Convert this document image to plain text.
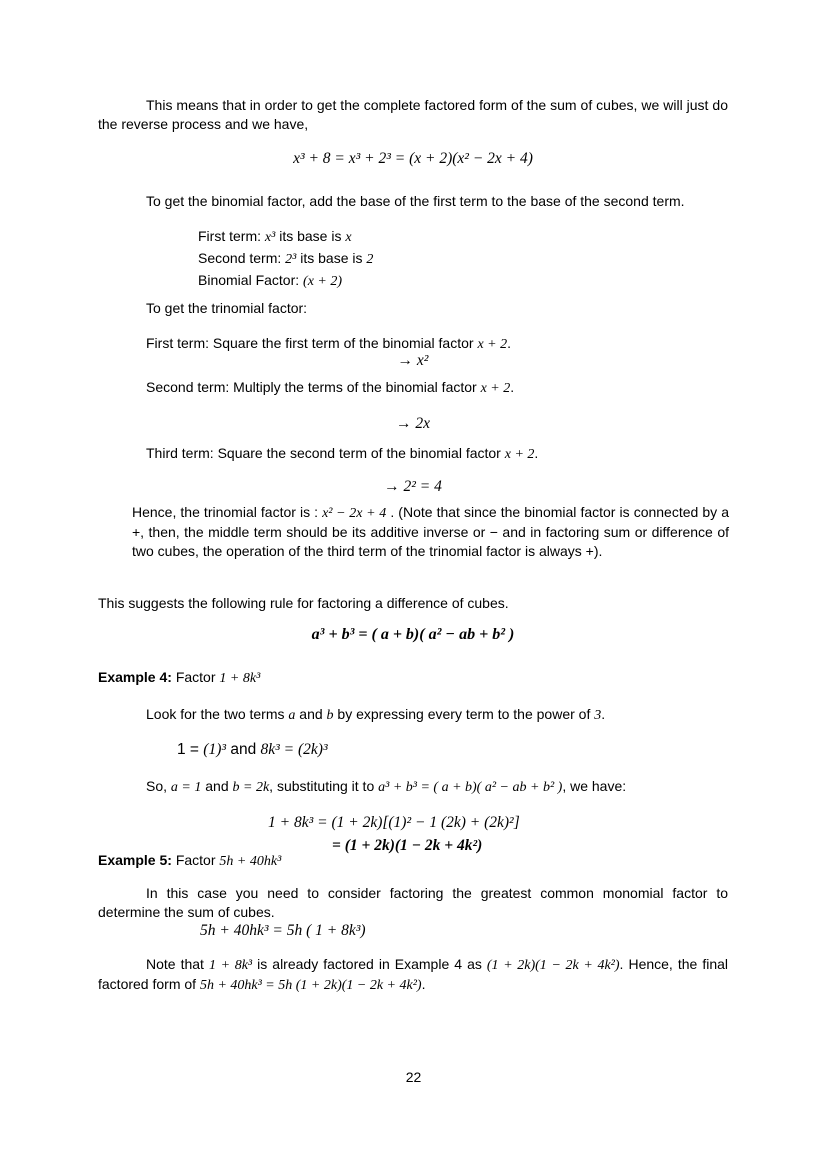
This means that in order to get the complete factored form of the sum of cubes, we will just do the reverse process and we have,
x³ + 8 = x³ + 2³ = (x + 2)(x² − 2x + 4)
To get the binomial factor, add the base of the first term to the base of the second term.
First term: x³ its base is x
Second term: 2³ its base is 2
Binomial Factor: (x + 2)
To get the trinomial factor:
First term: Square the first term of the binomial factor x + 2.
→ x²
Second term: Multiply the terms of the binomial factor x + 2.
→ 2x
Third term: Square the second term of the binomial factor x + 2.
→ 2² = 4
Hence, the trinomial factor is : x² − 2x + 4 . (Note that since the binomial factor is connected by a +, then, the middle term should be its additive inverse or − and in factoring sum or difference of two cubes, the operation of the third term of the trinomial factor is always +).
This suggests the following rule for factoring a difference of cubes.
a³ + b³ = ( a + b)( a² − ab + b² )
Example 4: Factor 1 + 8k³
Look for the two terms a and b by expressing every term to the power of 3.
1 = (1)³ and 8k³ = (2k)³
So, a = 1 and b = 2k, substituting it to a³ + b³ = ( a + b)( a² − ab + b² ), we have:
1 + 8k³ = (1 + 2k)[(1)² − 1 (2k) + (2k)²]
= (1 + 2k)(1 − 2k + 4k²)
Example 5: Factor 5h + 40hk³
In this case you need to consider factoring the greatest common monomial factor to determine the sum of cubes.
5h + 40hk³ = 5h ( 1 + 8k³)
Note that 1 + 8k³ is already factored in Example 4 as (1 + 2k)(1 − 2k + 4k²). Hence, the final factored form of 5h + 40hk³ = 5h (1 + 2k)(1 − 2k + 4k²).
22
